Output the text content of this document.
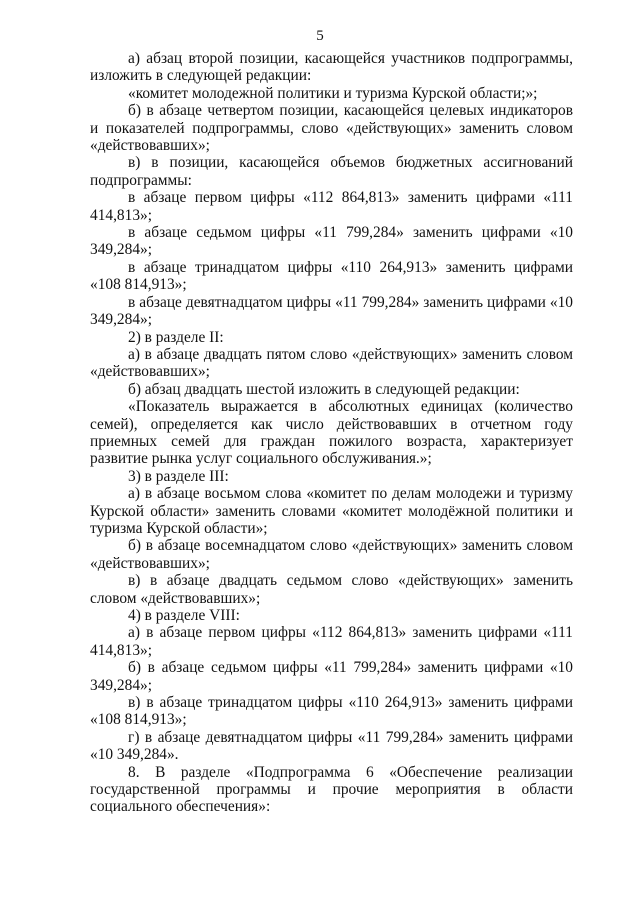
5

а) абзац второй позиции, касающейся участников подпрограммы, изложить в следующей редакции:

«комитет молодежной политики и туризма Курской области;»;

б) в абзаце четвертом позиции, касающейся целевых индикаторов и показателей подпрограммы, слово «действующих» заменить словом «действовавших»;

в) в позиции, касающейся объемов бюджетных ассигнований подпрограммы:

в абзаце первом цифры «112 864,813» заменить цифрами «111 414,813»;

в абзаце седьмом цифры «11 799,284» заменить цифрами «10 349,284»;

в абзаце тринадцатом цифры «110 264,913» заменить цифрами «108 814,913»;

в абзаце девятнадцатом цифры «11 799,284» заменить цифрами «10 349,284»;

2) в разделе II:

а) в абзаце двадцать пятом слово «действующих» заменить словом «действовавших»;

б) абзац двадцать шестой изложить в следующей редакции:

«Показатель выражается в абсолютных единицах (количество семей), определяется как число действовавших в отчетном году приемных семей для граждан пожилого возраста, характеризует развитие рынка услуг социального обслуживания.»;

3) в разделе III:

а) в абзаце восьмом слова «комитет по делам молодежи и туризму Курской области» заменить словами «комитет молодёжной политики и туризма Курской области»;

б) в абзаце восемнадцатом слово «действующих» заменить словом «действовавших»;

в) в абзаце двадцать седьмом слово «действующих» заменить словом «действовавших»;

4) в разделе VIII:

а) в абзаце первом цифры «112 864,813» заменить цифрами «111 414,813»;

б) в абзаце седьмом цифры «11 799,284» заменить цифрами «10 349,284»;

в) в абзаце тринадцатом цифры «110 264,913» заменить цифрами «108 814,913»;

г) в абзаце девятнадцатом цифры «11 799,284» заменить цифрами «10 349,284».

8. В разделе «Подпрограмма 6 «Обеспечение реализации государственной программы и прочие мероприятия в области социального обеспечения»:
